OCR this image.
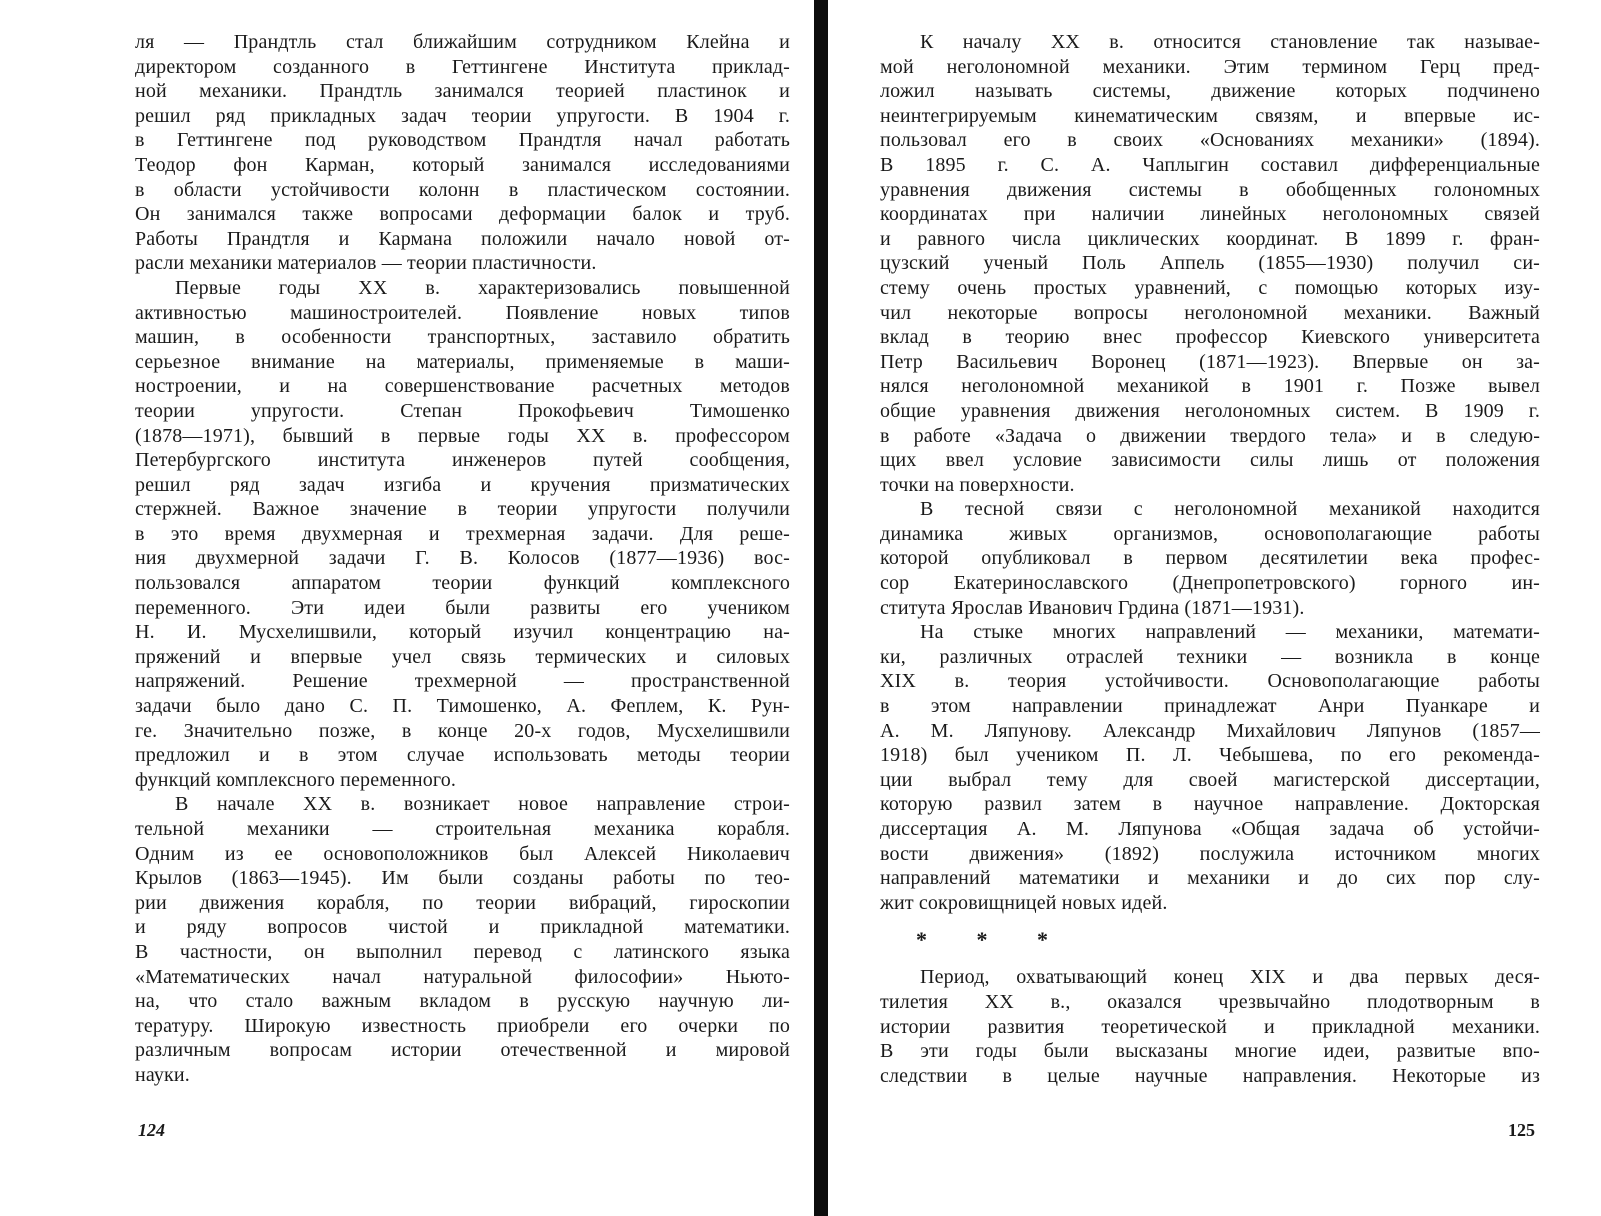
ля — Прандтль стал ближайшим сотрудником Клейна и
директором созданного в Геттингене Института приклад-
ной механики. Прандтль занимался теорией пластинок и
решил ряд прикладных задач теории упругости. В 1904 г.
в Геттингене под руководством Прандтля начал работать
Теодор фон Карман, который занимался исследованиями
в области устойчивости колонн в пластическом состоянии.
Он занимался также вопросами деформации балок и труб.
Работы Прандтля и Кармана положили начало новой от-
расли механики материалов — теории пластичности.
Первые годы XX в. характеризовались повышенной
активностью машиностроителей. Появление новых типов
машин, в особенности транспортных, заставило обратить
серьезное внимание на материалы, применяемые в маши-
ностроении, и на совершенствование расчетных методов
теории упругости. Степан Прокофьевич Тимошенко
(1878—1971), бывший в первые годы XX в. профессором
Петербургского института инженеров путей сообщения,
решил ряд задач изгиба и кручения призматических
стержней. Важное значение в теории упругости получили
в это время двухмерная и трехмерная задачи. Для реше-
ния двухмерной задачи Г. В. Колосов (1877—1936) вос-
пользовался аппаратом теории функций комплексного
переменного. Эти идеи были развиты его учеником
Н. И. Мусхелишвили, который изучил концентрацию на-
пряжений и впервые учел связь термических и силовых
напряжений. Решение трехмерной — пространственной
задачи было дано С. П. Тимошенко, А. Феплем, К. Рун-
ге. Значительно позже, в конце 20-х годов, Мусхелишвили
предложил и в этом случае использовать методы теории
функций комплексного переменного.
В начале XX в. возникает новое направление строи-
тельной механики — строительная механика корабля.
Одним из ее основоположников был Алексей Николаевич
Крылов (1863—1945). Им были созданы работы по тео-
рии движения корабля, по теории вибраций, гироскопии
и ряду вопросов чистой и прикладной математики.
В частности, он выполнил перевод с латинского языка
«Математических начал натуральной философии» Ньюто-
на, что стало важным вкладом в русскую научную ли-
тературу. Широкую известность приобрели его очерки по
различным вопросам истории отечественной и мировой
науки.
К началу XX в. относится становление так называе-
мой неголономной механики. Этим термином Герц пред-
ложил называть системы, движение которых подчинено
неинтегрируемым кинематическим связям, и впервые ис-
пользовал его в своих «Основаниях механики» (1894).
В 1895 г. С. А. Чаплыгин составил дифференциальные
уравнения движения системы в обобщенных голономных
координатах при наличии линейных неголономных связей
и равного числа циклических координат. В 1899 г. фран-
цузский ученый Поль Аппель (1855—1930) получил си-
стему очень простых уравнений, с помощью которых изу-
чил некоторые вопросы неголономной механики. Важный
вклад в теорию внес профессор Киевского университета
Петр Васильевич Воронец (1871—1923). Впервые он за-
нялся неголономной механикой в 1901 г. Позже вывел
общие уравнения движения неголономных систем. В 1909 г.
в работе «Задача о движении твердого тела» и в следую-
щих ввел условие зависимости силы лишь от положения
точки на поверхности.
В тесной связи с неголономной механикой находится
динамика живых организмов, основополагающие работы
которой опубликовал в первом десятилетии века профес-
сор Екатеринославского (Днепропетровского) горного ин-
ститута Ярослав Иванович Грдина (1871—1931).
На стыке многих направлений — механики, математи-
ки, различных отраслей техники — возникла в конце
XIX в. теория устойчивости. Основополагающие работы
в этом направлении принадлежат Анри Пуанкаре и
А. М. Ляпунову. Александр Михайлович Ляпунов (1857—
1918) был учеником П. Л. Чебышева, по его рекоменда-
ции выбрал тему для своей магистерской диссертации,
которую развил затем в научное направление. Докторская
диссертация А. М. Ляпунова «Общая задача об устойчи-
вости движения» (1892) послужила источником многих
направлений математики и механики и до сих пор слу-
жит сокровищницей новых идей.
* * *
Период, охватывающий конец XIX и два первых деся-
тилетия XX в., оказался чрезвычайно плодотворным в
истории развития теоретической и прикладной механики.
В эти годы были высказаны многие идеи, развитые впо-
следствии в целые научные направления. Некоторые из
124	125
